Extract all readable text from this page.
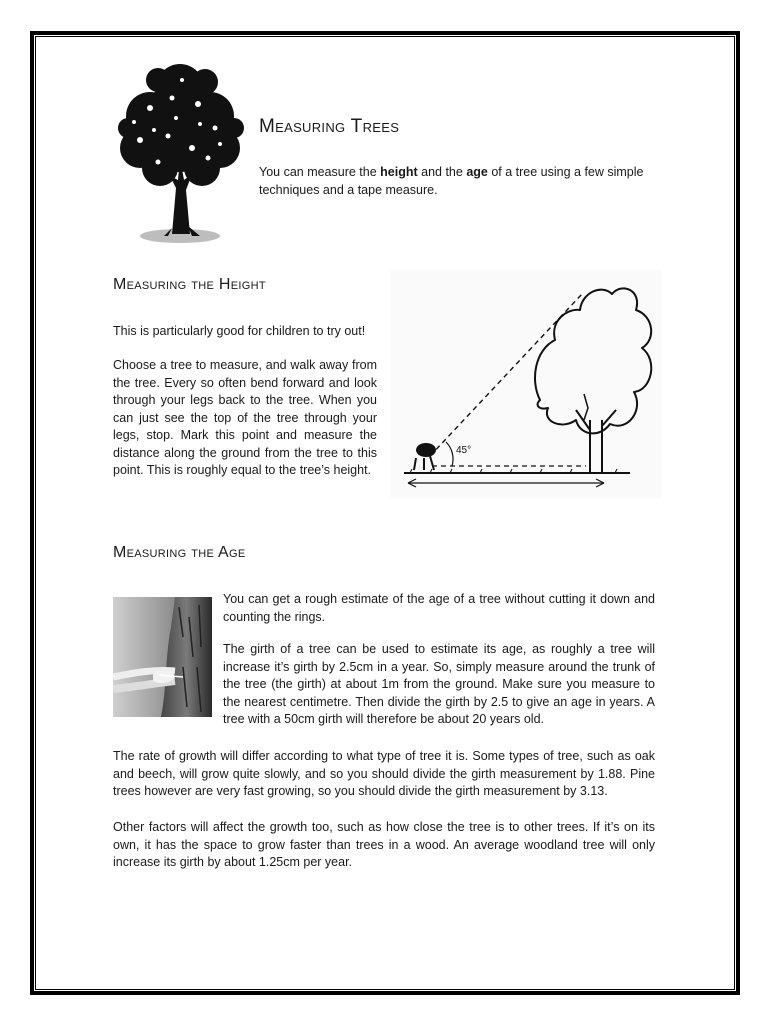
Measuring Trees

You can measure the height and the age of a tree using a few simple techniques and a tape measure.

Measuring the Height

This is particularly good for children to try out!

Choose a tree to measure, and walk away from the tree. Every so often bend forward and look through your legs back to the tree. When you can just see the top of the tree through your legs, stop. Mark this point and measure the distance along the ground from the tree to this point. This is roughly equal to the tree’s height.

45°
Measuring the Age

You can get a rough estimate of the age of a tree without cutting it down and counting the rings.

The girth of a tree can be used to estimate its age, as roughly a tree will increase it’s girth by 2.5cm in a year. So, simply measure around the trunk of the tree (the girth) at about 1m from the ground. Make sure you measure to the nearest centimetre. Then divide the girth by 2.5 to give an age in years. A tree with a 50cm girth will therefore be about 20 years old.

The rate of growth will differ according to what type of tree it is. Some types of tree, such as oak and beech, will grow quite slowly, and so you should divide the girth measurement by 1.88. Pine trees however are very fast growing, so you should divide the girth measurement by 3.13.

Other factors will affect the growth too, such as how close the tree is to other trees. If it’s on its own, it has the space to grow faster than trees in a wood. An average woodland tree will only increase its girth by about 1.25cm per year.
